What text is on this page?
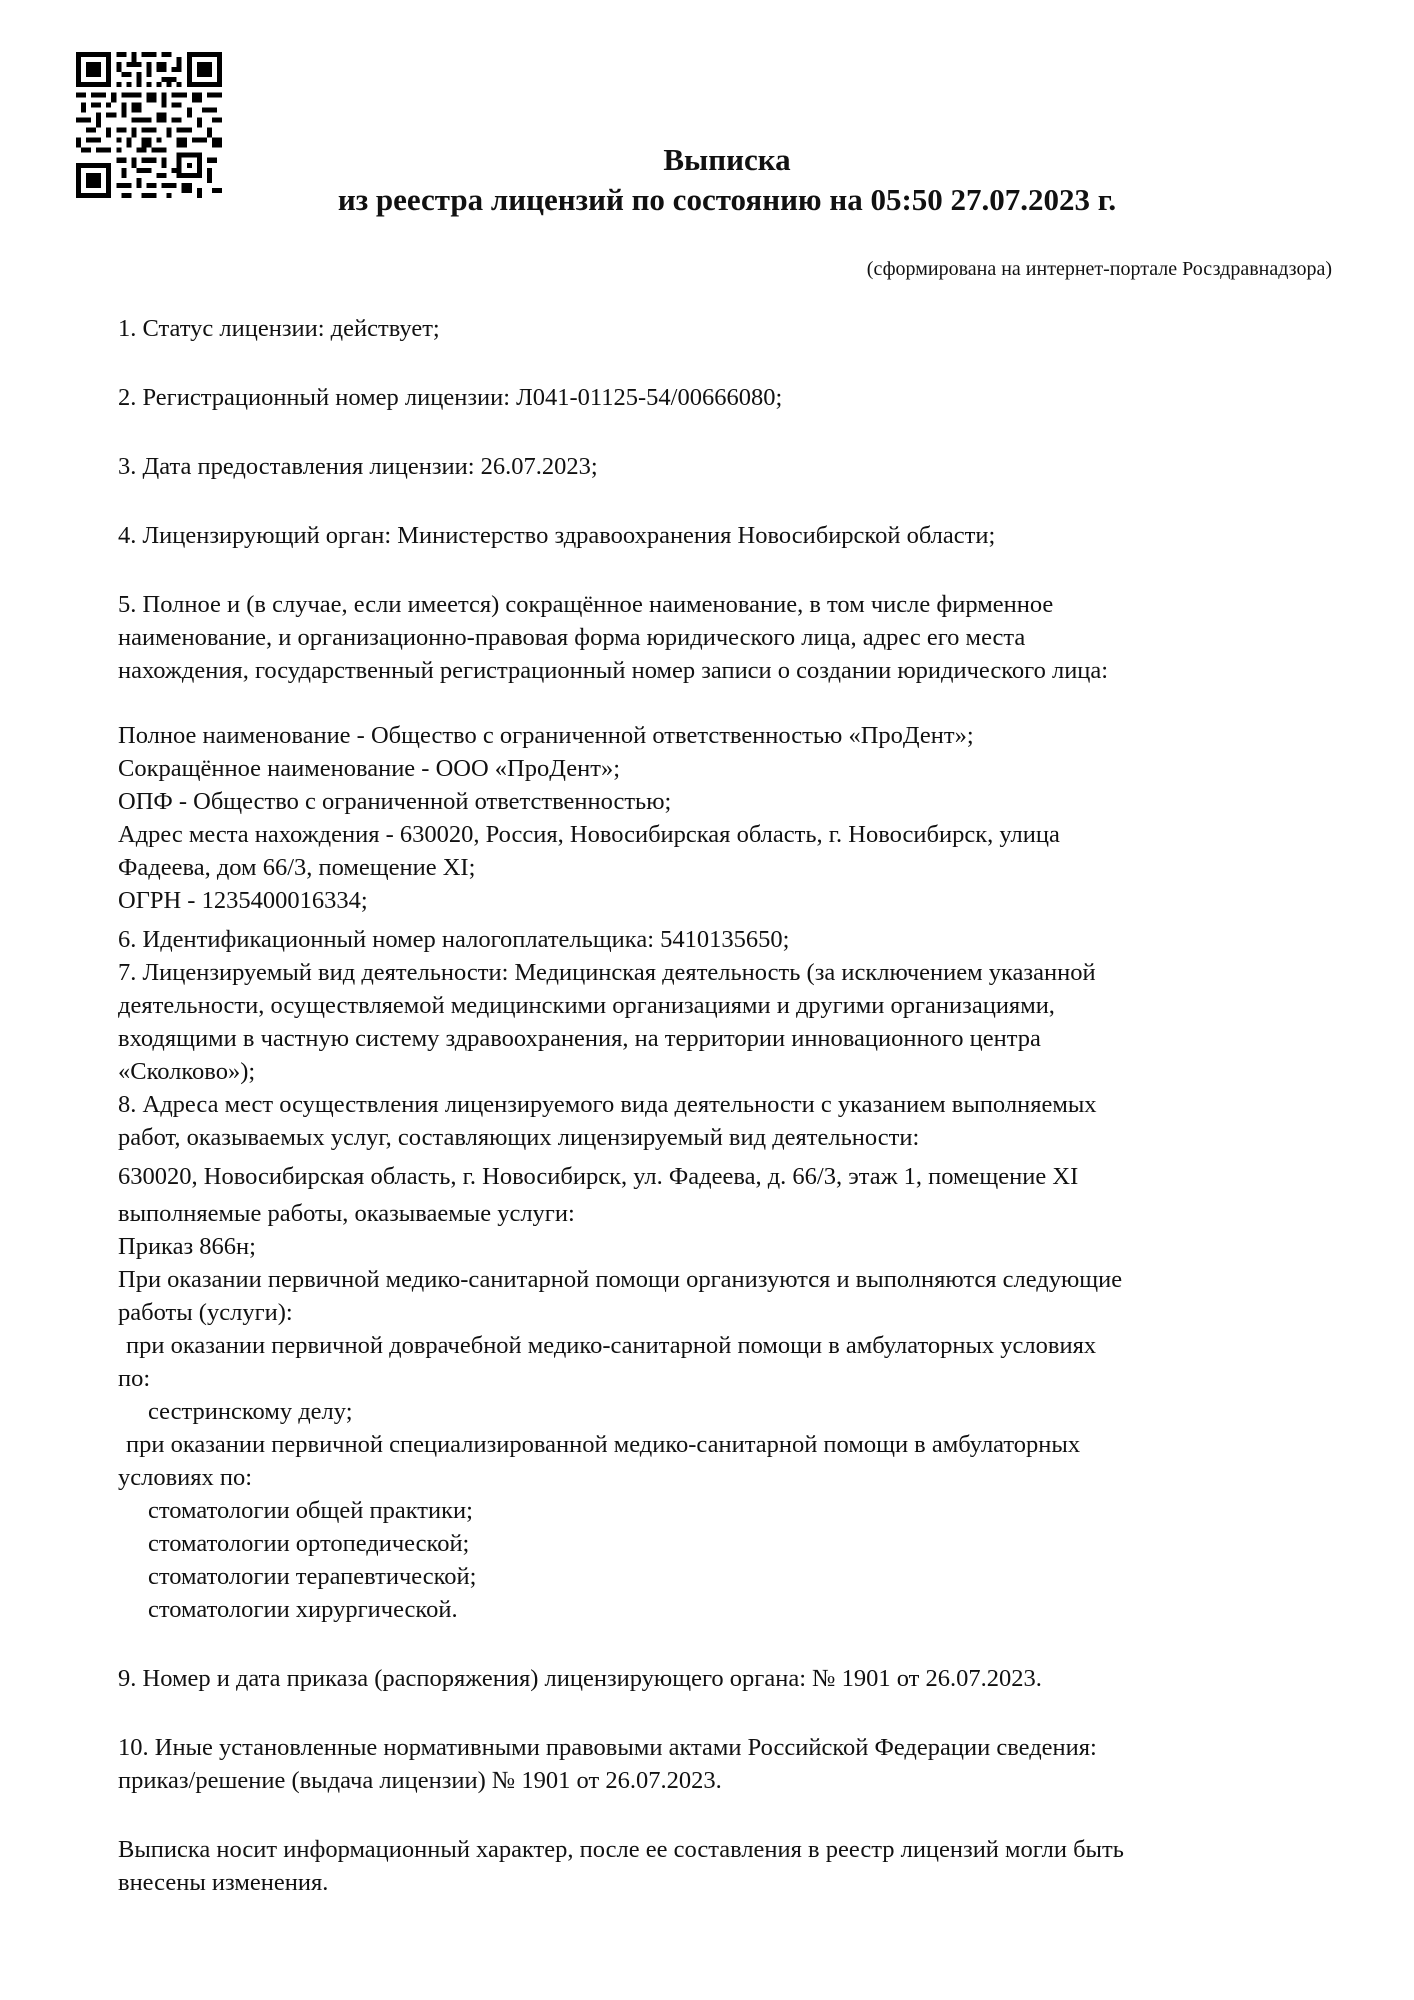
Выписка
из реестра лицензий по состоянию на 05:50 27.07.2023 г.
(сформирована на интернет-портале Росздравнадзора)

1. Статус лицензии: действует;

2. Регистрационный номер лицензии: Л041-01125-54/00666080;

3. Дата предоставления лицензии: 26.07.2023;

4. Лицензирующий орган: Министерство здравоохранения Новосибирской области;

5. Полное и (в случае, если имеется) сокращённое наименование, в том числе фирменное

наименование, и организационно-правовая форма юридического лица, адрес его места

нахождения, государственный регистрационный номер записи о создании юридического лица:

Полное наименование - Общество с ограниченной ответственностью «ПроДент»;

Сокращённое наименование - ООО «ПроДент»;

ОПФ - Общество с ограниченной ответственностью;

Адрес места нахождения - 630020, Россия, Новосибирская область, г. Новосибирск, улица

Фадеева, дом 66/3, помещение XI;

ОГРН - 1235400016334;

6. Идентификационный номер налогоплательщика: 5410135650;

7. Лицензируемый вид деятельности: Медицинская деятельность (за исключением указанной

деятельности, осуществляемой медицинскими организациями и другими организациями,

входящими в частную систему здравоохранения, на территории инновационного центра

«Сколково»);

8. Адреса мест осуществления лицензируемого вида деятельности с указанием выполняемых

работ, оказываемых услуг, составляющих лицензируемый вид деятельности:

630020, Новосибирская область, г. Новосибирск, ул. Фадеева, д. 66/3, этаж 1, помещение XI

выполняемые работы, оказываемые услуги:

Приказ 866н;

При оказании первичной медико-санитарной помощи организуются и выполняются следующие

работы (услуги):

при оказании первичной доврачебной медико-санитарной помощи в амбулаторных условиях

по:

сестринскому делу;

при оказании первичной специализированной медико-санитарной помощи в амбулаторных

условиях по:

стоматологии общей практики;

стоматологии ортопедической;

стоматологии терапевтической;

стоматологии хирургической.

9. Номер и дата приказа (распоряжения) лицензирующего органа: № 1901 от 26.07.2023.

10. Иные установленные нормативными правовыми актами Российской Федерации сведения:

приказ/решение (выдача лицензии) № 1901 от 26.07.2023.

Выписка носит информационный характер, после ее составления в реестр лицензий могли быть

внесены изменения.
